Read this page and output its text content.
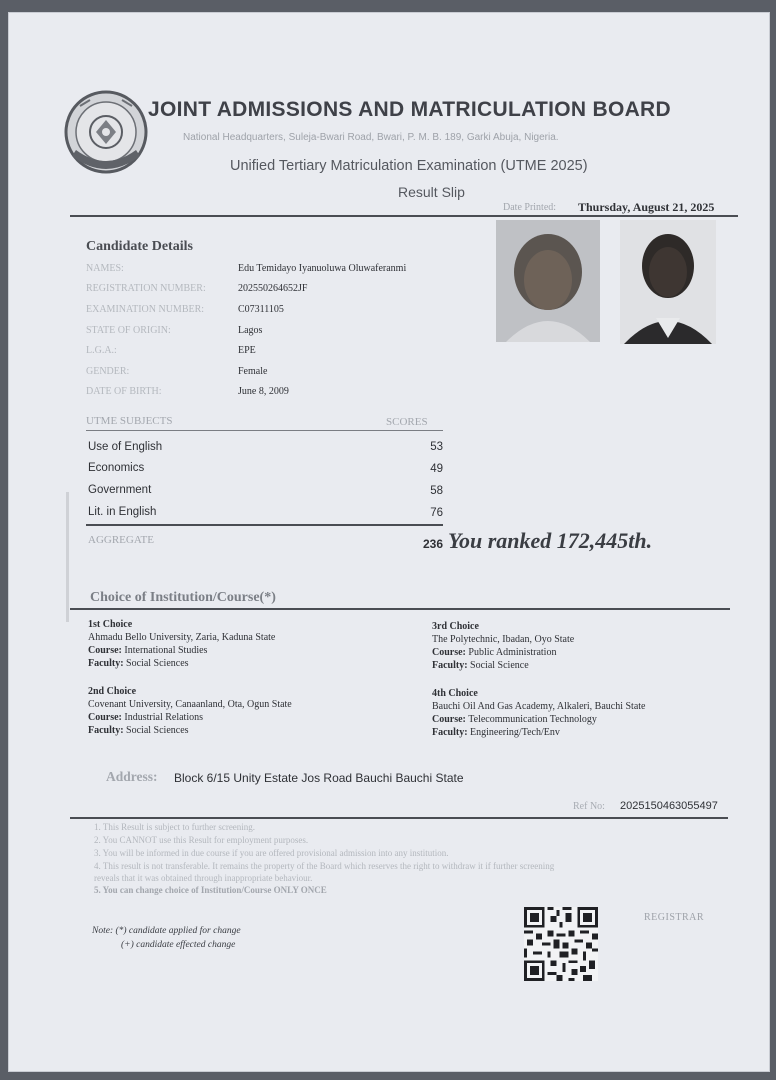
JOINT ADMISSIONS AND MATRICULATION BOARD
National Headquarters, Suleja-Bwari Road, Bwari, P. M. B. 189, Garki Abuja, Nigeria.
Unified Tertiary Matriculation Examination (UTME 2025)
Result Slip
Date Printed: Thursday, August 21, 2025
Candidate Details
NAMES:	Edu Temidayo Iyanuoluwa Oluwaferanmi
REGISTRATION NUMBER:	202550264652JF
EXAMINATION NUMBER:	C07311105
STATE OF ORIGIN:	Lagos
L.G.A.:	EPE
GENDER:	Female
DATE OF BIRTH:	June 8, 2009
UTME SUBJECTS	SCORES
Use of English	53
Economics	49
Government	58
Lit. in English	76
AGGREGATE	236 You ranked 172,445th.
Choice of Institution/Course(*)
1st Choice
Ahmadu Bello University, Zaria, Kaduna State
Course: International Studies
Faculty: Social Sciences
2nd Choice
Covenant University, Canaanland, Ota, Ogun State
Course: Industrial Relations
Faculty: Social Sciences
3rd Choice
The Polytechnic, Ibadan, Oyo State
Course: Public Administration
Faculty: Social Science
4th Choice
Bauchi Oil And Gas Academy, Alkaleri, Bauchi State
Course: Telecommunication Technology
Faculty: Engineering/Tech/Env
Address: Block 6/15 Unity Estate Jos Road Bauchi Bauchi State
Ref No: 2025150463055497
1. This Result is subject to further screening.
2. You CANNOT use this Result for employment purposes.
3. You will be informed in due course if you are offered provisional admission into any institution.
4. This result is not transferable. It remains the property of the Board which reserves the right to withdraw it if further screening
reveals that it was obtained through inappropriate behaviour.
5. You can change choice of Institution/Course ONLY ONCE
Note: (*) candidate applied for change
(+) candidate effected change
REGISTRAR
